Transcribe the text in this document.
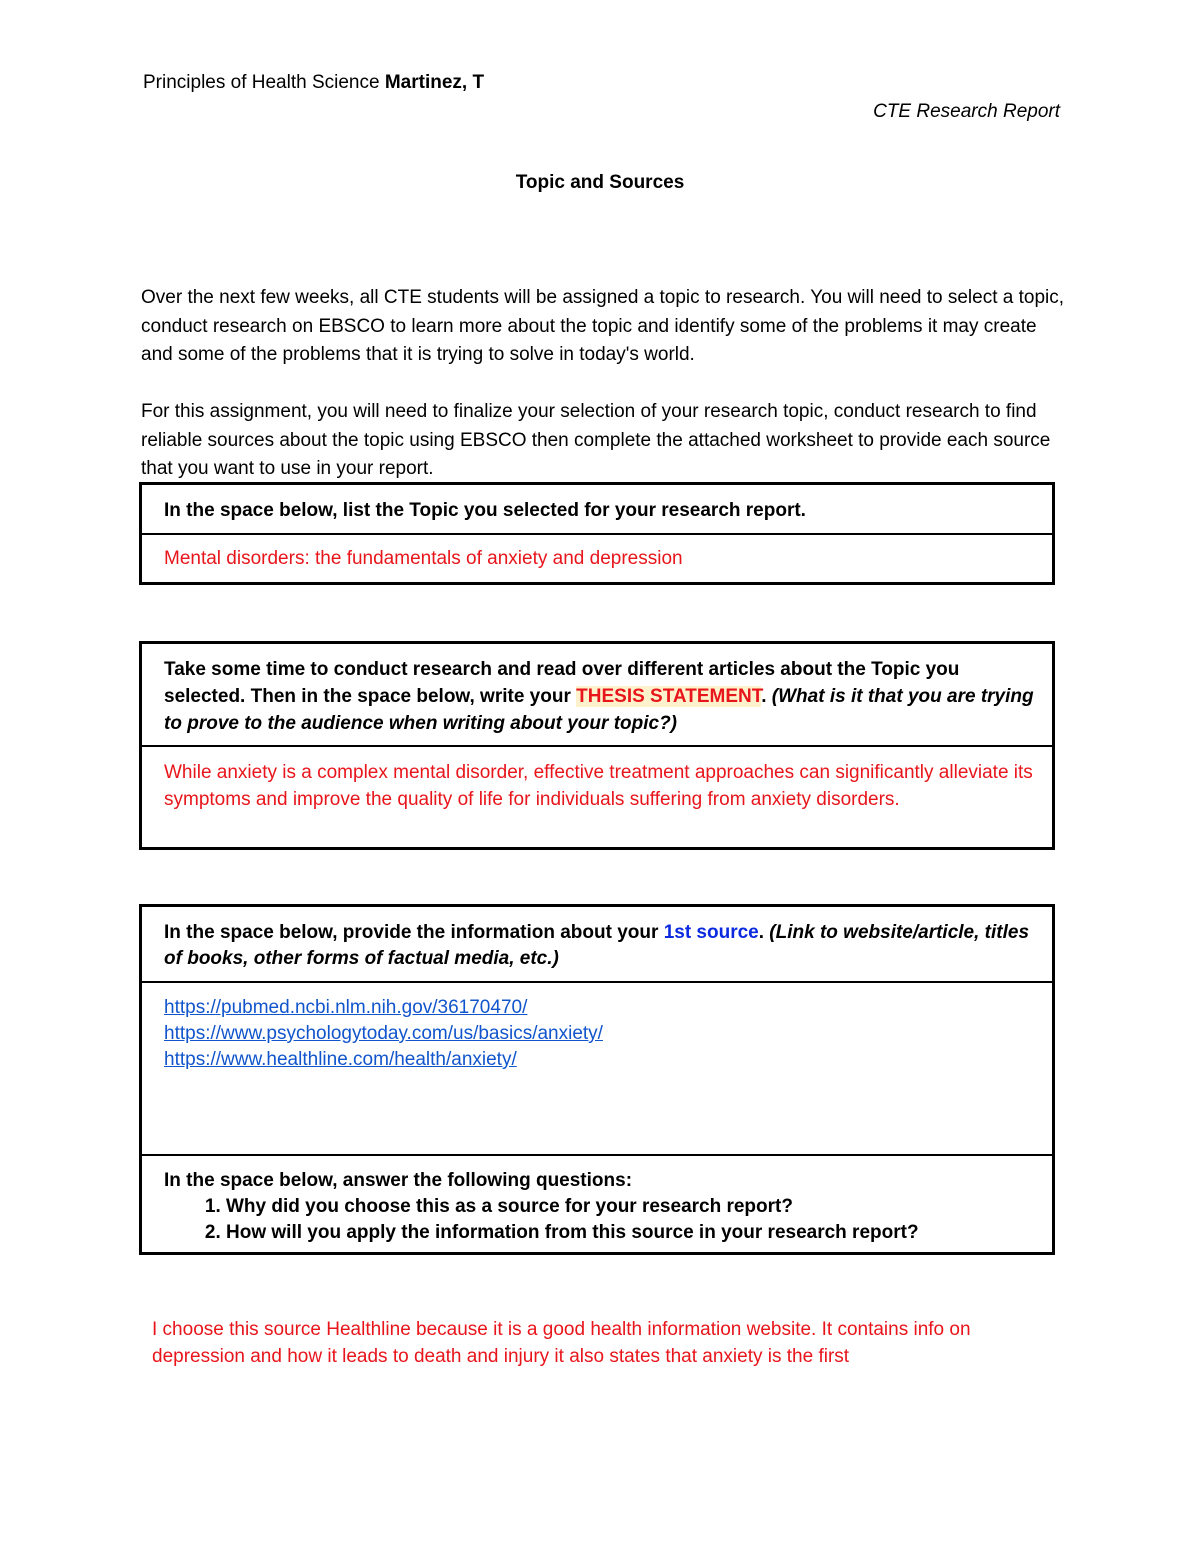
Principles of Health Science Martinez, T
CTE Research Report
Topic and Sources
Over the next few weeks, all CTE students will be assigned a topic to research. You will need to select a topic, conduct research on EBSCO to learn more about the topic and identify some of the problems it may create and some of the problems that it is trying to solve in today's world.
For this assignment, you will need to finalize your selection of your research topic, conduct research to find reliable sources about the topic using EBSCO then complete the attached worksheet to provide each source that you want to use in your report.
In the space below, list the Topic you selected for your research report.
Mental disorders: the fundamentals of anxiety and depression
Take some time to conduct research and read over different articles about the Topic you selected. Then in the space below, write your THESIS STATEMENT. (What is it that you are trying to prove to the audience when writing about your topic?)
While anxiety is a complex mental disorder, effective treatment approaches can significantly alleviate its symptoms and improve the quality of life for individuals suffering from anxiety disorders.
In the space below, provide the information about your 1st source. (Link to website/article, titles of books, other forms of factual media, etc.)
https://pubmed.ncbi.nlm.nih.gov/36170470/
https://www.psychologytoday.com/us/basics/anxiety/
https://www.healthline.com/health/anxiety/
In the space below, answer the following questions:
1. Why did you choose this as a source for your research report?
2. How will you apply the information from this source in your research report?
I choose this source Healthline because it is a good health information website. It contains info on depression and how it leads to death and injury it also states that anxiety is the first
